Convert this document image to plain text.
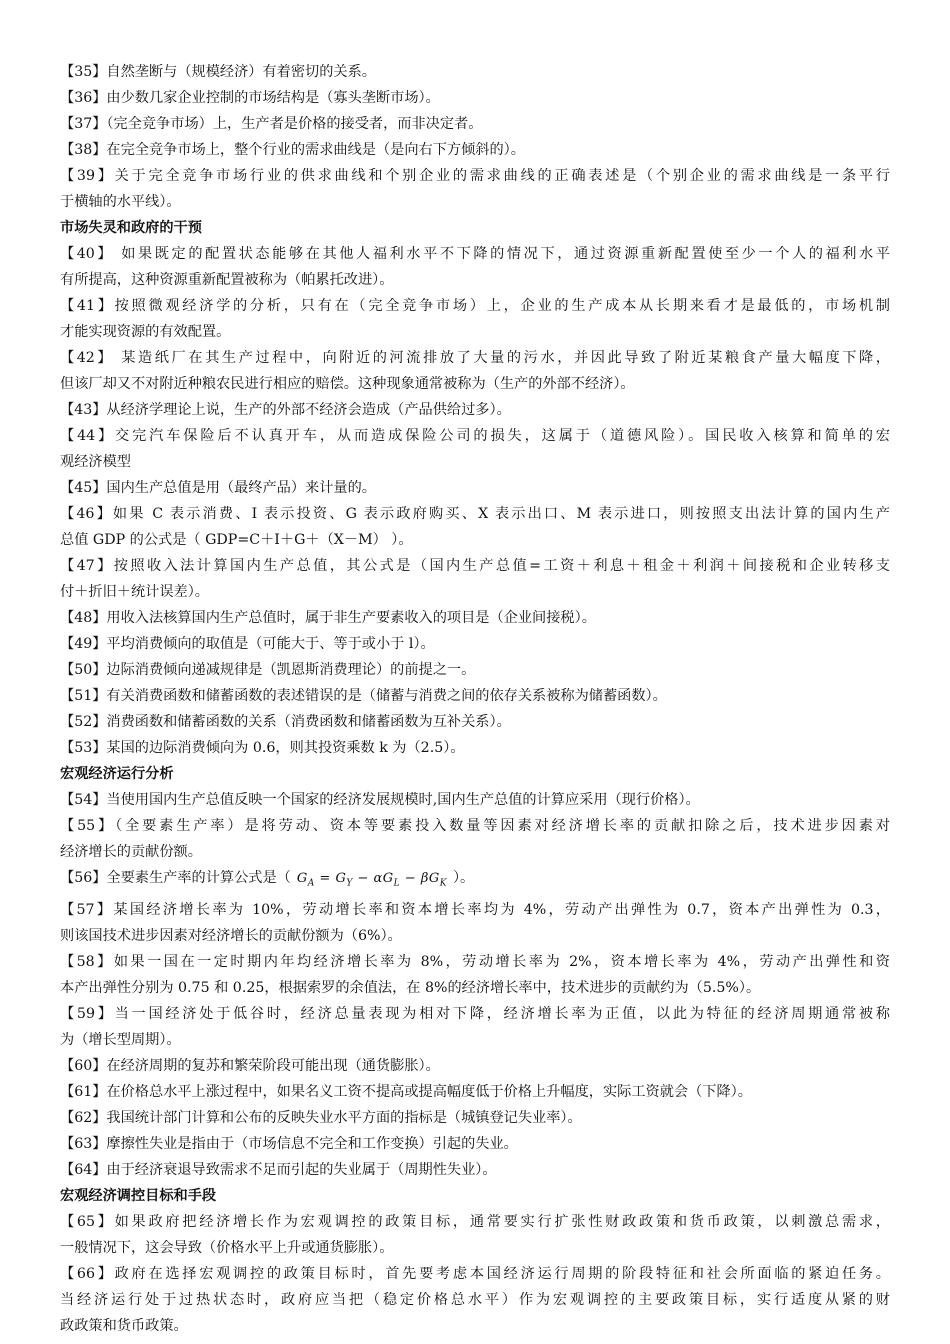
【35】自然垄断与（规模经济）有着密切的关系。
【36】由少数几家企业控制的市场结构是（寡头垄断市场）。
【37】（完全竞争市场）上，生产者是价格的接受者，而非决定者。
【38】在完全竞争市场上，整个行业的需求曲线是（是向右下方倾斜的）。
【39】关于完全竞争市场行业的供求曲线和个别企业的需求曲线的正确表述是（个别企业的需求曲线是一条平行
于横轴的水平线）。
市场失灵和政府的干预
【40】 如果既定的配置状态能够在其他人福利水平不下降的情况下，通过资源重新配置使至少一个人的福利水平
有所提高，这种资源重新配置被称为（帕累托改进）。
【41】按照微观经济学的分析，只有在（完全竞争市场）上，企业的生产成本从长期来看才是最低的，市场机制
才能实现资源的有效配置。
【42】 某造纸厂在其生产过程中，向附近的河流排放了大量的污水，并因此导致了附近某粮食产量大幅度下降，
但该厂却又不对附近种粮农民进行相应的赔偿。这种现象通常被称为（生产的外部不经济）。
【43】从经济学理论上说，生产的外部不经济会造成（产品供给过多）。
【44】交完汽车保险后不认真开车，从而造成保险公司的损失，这属于（道德风险）。国民收入核算和简单的宏
观经济模型
【45】国内生产总值是用（最终产品）来计量的。
【46】如果 C 表示消费、I 表示投资、G 表示政府购买、X 表示出口、M 表示进口，则按照支出法计算的国内生产
总值 GDP 的公式是（ GDP=C＋I＋G＋（X－M） ）。
【47】按照收入法计算国内生产总值，其公式是（国内生产总值=工资＋利息＋租金＋利润＋间接税和企业转移支
付＋折旧＋统计误差）。
【48】用收入法核算国内生产总值时，属于非生产要素收入的项目是（企业间接税）。
【49】平均消费倾向的取值是（可能大于、等于或小于 l）。
【50】边际消费倾向递减规律是（凯恩斯消费理论）的前提之一。
【51】有关消费函数和储蓄函数的表述错误的是（储蓄与消费之间的依存关系被称为储蓄函数）。
【52】消费函数和储蓄函数的关系（消费函数和储蓄函数为互补关系）。
【53】某国的边际消费倾向为 0.6，则其投资乘数 k 为（2.5）。
宏观经济运行分析
【54】当使用国内生产总值反映一个国家的经济发展规模时,国内生产总值的计算应采用（现行价格）。
【55】（全要素生产率）是将劳动、资本等要素投入数量等因素对经济增长率的贡献扣除之后，技术进步因素对
经济增长的贡献份额。
【56】全要素生产率的计算公式是（ $G_A = G_Y - \alpha G_L - \beta G_K$ ）。
【57】某国经济增长率为 10%，劳动增长率和资本增长率均为 4%，劳动产出弹性为 0.7，资本产出弹性为 0.3，
则该国技术进步因素对经济增长的贡献份额为（6%）。
【58】如果一国在一定时期内年均经济增长率为 8%，劳动增长率为 2%，资本增长率为 4%，劳动产出弹性和资
本产出弹性分别为 0.75 和 0.25，根据索罗的余值法，在 8%的经济增长率中，技术进步的贡献约为（5.5%）。
【59】当一国经济处于低谷时，经济总量表现为相对下降，经济增长率为正值，以此为特征的经济周期通常被称
为（增长型周期）。
【60】在经济周期的复苏和繁荣阶段可能出现（通货膨胀）。
【61】在价格总水平上涨过程中，如果名义工资不提高或提高幅度低于价格上升幅度，实际工资就会（下降）。
【62】我国统计部门计算和公布的反映失业水平方面的指标是（城镇登记失业率）。
【63】摩擦性失业是指由于（市场信息不完全和工作变换）引起的失业。
【64】由于经济衰退导致需求不足而引起的失业属于（周期性失业）。
宏观经济调控目标和手段
【65】如果政府把经济增长作为宏观调控的政策目标，通常要实行扩张性财政政策和货币政策，以刺激总需求，
一般情况下，这会导致（价格水平上升或通货膨胀）。
【66】政府在选择宏观调控的政策目标时，首先要考虑本国经济运行周期的阶段特征和社会所面临的紧迫任务。
当经济运行处于过热状态时，政府应当把（稳定价格总水平）作为宏观调控的主要政策目标，实行适度从紧的财
政政策和货币政策。
